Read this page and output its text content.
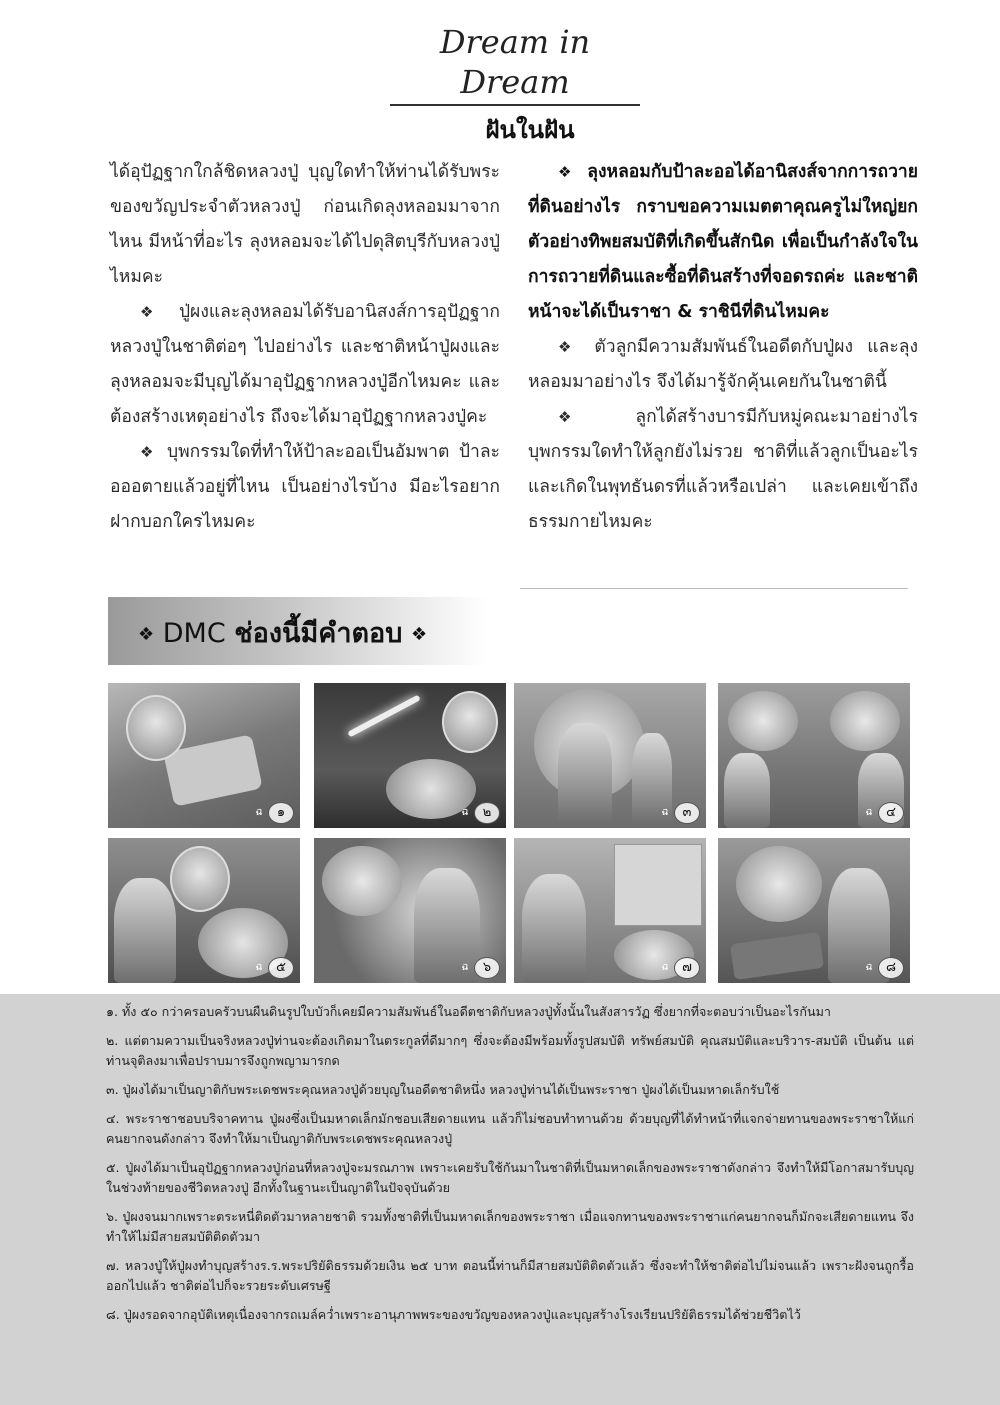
Dream in Dream
ฝันในฝัน

ได้อุปัฏฐากใกล้ชิดหลวงปู่ บุญใดทำให้ท่านได้รับพระของขวัญประจำตัวหลวงปู่ ก่อนเกิดลุงหลอมมาจากไหน มีหน้าที่อะไร ลุงหลอมจะได้ไปดุสิตบุรีกับหลวงปู่ไหมคะ

❖ ปู่ผงและลุงหลอมได้รับอานิสงส์การอุปัฏฐากหลวงปู่ในชาติต่อๆ ไปอย่างไร และชาติหน้าปู่ผงและลุงหลอมจะมีบุญได้มาอุปัฏฐากหลวงปู่อีกไหมคะ และต้องสร้างเหตุอย่างไร ถึงจะได้มาอุปัฏฐากหลวงปู่คะ

❖ บุพกรรมใดที่ทำให้ป้าละออเป็นอัมพาต ป้าละอออตายแล้วอยู่ที่ไหน เป็นอย่างไรบ้าง มีอะไรอยากฝากบอกใครไหมคะ

❖ ลุงหลอมกับป้าละออได้อานิสงส์จากการถวายที่ดินอย่างไร กราบขอความเมตตาคุณครูไม่ใหญ่ยกตัวอย่างทิพยสมบัติที่เกิดขึ้นสักนิด เพื่อเป็นกำลังใจในการถวายที่ดินและซื้อที่ดินสร้างที่จอดรถค่ะ และชาติหน้าจะได้เป็นราชา & ราชินีที่ดินไหมคะ

❖ ตัวลูกมีความสัมพันธ์ในอดีตกับปู่ผง และลุงหลอมมาอย่างไร จึงได้มารู้จักคุ้นเคยกันในชาตินี้

❖ ลูกได้สร้างบารมีกับหมู่คณะมาอย่างไร บุพกรรมใดทำให้ลูกยังไม่รวย ชาติที่แล้วลูกเป็นอะไร และเกิดในพุทธันดรที่แล้วหรือเปล่า และเคยเข้าถึงธรรมกายไหมคะ

❖ DMC ช่องนี้มีคำตอบ ❖
ฉ	๑	ฉ	๒	ฉ	๓	ฉ	๔
ฉ	๕	ฉ	๖	ฉ	๗	ฉ	๘
๑. ทั้ง ๕๐ กว่าครอบครัวบนผืนดินรูปใบบัวก็เคยมีความสัมพันธ์ในอดีตชาติกับหลวงปู่ทั้งนั้นในสังสารวัฏ ซึ่งยากที่จะตอบว่าเป็นอะไรกันมา
๒. แต่ตามความเป็นจริงหลวงปู่ท่านจะต้องเกิดมาในตระกูลที่ดีมากๆ ซึ่งจะต้องมีพร้อมทั้งรูปสมบัติ ทรัพย์สมบัติ คุณสมบัติและบริวาร-สมบัติ เป็นต้น แต่ท่านจุติลงมาเพื่อปราบมารจึงถูกพญามารกด
๓. ปู่ผงได้มาเป็นญาติกับพระเดชพระคุณหลวงปู่ด้วยบุญในอดีตชาติหนึ่ง หลวงปู่ท่านได้เป็นพระราชา ปู่ผงได้เป็นมหาดเล็กรับใช้
๔. พระราชาชอบบริจาคทาน ปู่ผงซึ่งเป็นมหาดเล็กมักชอบเสียดายแทน แล้วก็ไม่ชอบทำทานด้วย ด้วยบุญที่ได้ทำหน้าที่แจกจ่ายทานของพระราชาให้แก่คนยากจนดังกล่าว จึงทำให้มาเป็นญาติกับพระเดชพระคุณหลวงปู่
๕. ปู่ผงได้มาเป็นอุปัฏฐากหลวงปู่ก่อนที่หลวงปู่จะมรณภาพ เพราะเคยรับใช้กันมาในชาติที่เป็นมหาดเล็กของพระราชาดังกล่าว จึงทำให้มีโอกาสมารับบุญในช่วงท้ายของชีวิตหลวงปู่ อีกทั้งในฐานะเป็นญาติในปัจจุบันด้วย
๖. ปู่ผงจนมากเพราะตระหนี่ติดตัวมาหลายชาติ รวมทั้งชาติที่เป็นมหาดเล็กของพระราชา เมื่อแจกทานของพระราชาแก่คนยากจนก็มักจะเสียดายแทน จึงทำให้ไม่มีสายสมบัติติดตัวมา
๗. หลวงปู่ให้ปู่ผงทำบุญสร้างร.ร.พระปริยัติธรรมด้วยเงิน ๒๕ บาท ตอนนี้ท่านก็มีสายสมบัติติดตัวแล้ว ซึ่งจะทำให้ชาติต่อไปไม่จนแล้ว เพราะฝังจนถูกรื้อออกไปแล้ว ชาติต่อไปก็จะรวยระดับเศรษฐี
๘. ปู่ผงรอดจากอุบัติเหตุเนื่องจากรถเมล์คว่ำเพราะอานุภาพพระของขวัญของหลวงปู่และบุญสร้างโรงเรียนปริยัติธรรมได้ช่วยชีวิตไว้
